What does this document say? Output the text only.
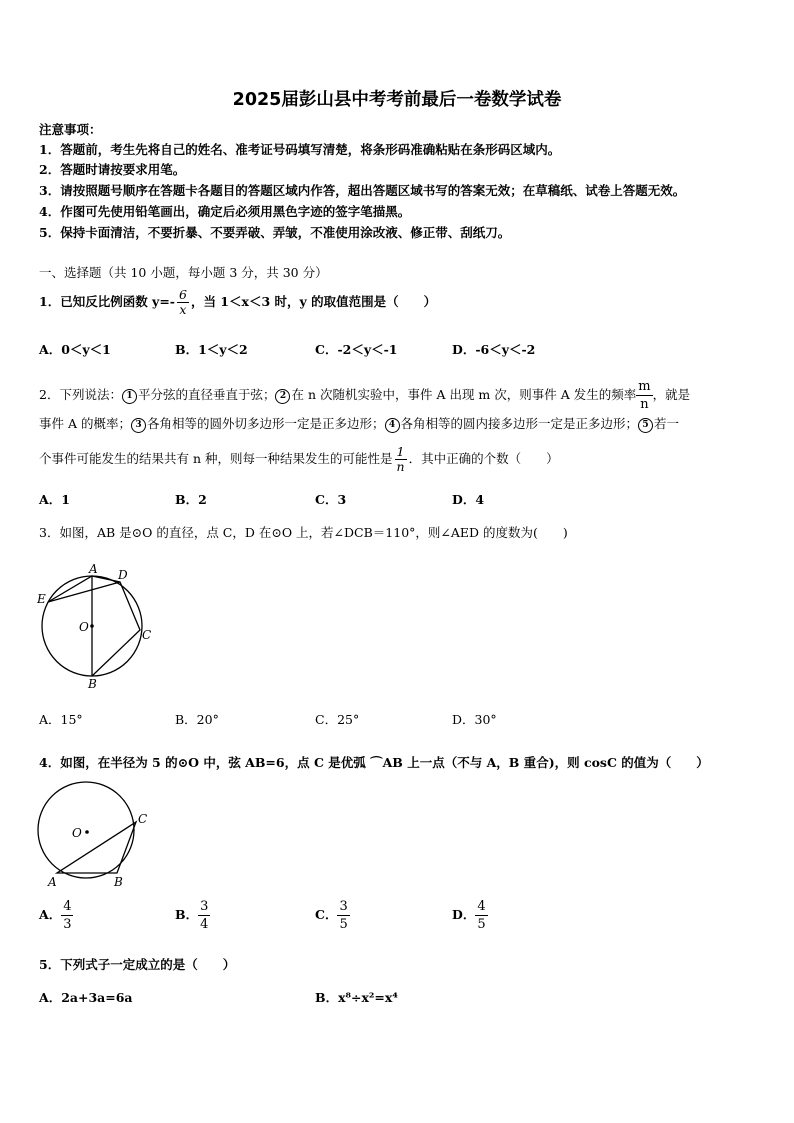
2025届彭山县中考考前最后一卷数学试卷
注意事项：
1．答题前，考生先将自己的姓名、准考证号码填写清楚，将条形码准确粘贴在条形码区域内。
2．答题时请按要求用笔。
3．请按照题号顺序在答题卡各题目的答题区域内作答，超出答题区域书写的答案无效；在草稿纸、试卷上答题无效。
4．作图可先使用铅笔画出，确定后必须用黑色字迹的签字笔描黑。
5．保持卡面清洁，不要折暴、不要弄破、弄皱，不准使用涂改液、修正带、刮纸刀。
一、选择题（共 10 小题，每小题 3 分，共 30 分）
1．已知反比例函数 $y=- \frac{6}{x}$ ，当 1＜x＜3 时，y 的取值范围是（　　）
A．0＜y＜1	B．1＜y＜2	C．-2＜y＜-1	D．-6＜y＜-2
2．下列说法： 1 平分弦的直径垂直于弦； 2 在 n 次随机实验中，事件 A 出现 m 次，则事件 A 发生的频率 $\frac{m}{n}$ ，就是
事件 A 的概率； 3 各角相等的圆外切多边形一定是正多边形； 4 各角相等的圆内接多边形一定是正多边形； 5 若一
个事件可能发生的结果共有 n 种，则每一种结果发生的可能性是 $\frac{1}{n}$ ．其中正确的个数（　　）
A．1	B．2	C．3	D．4
3．如图，AB 是⊙O 的直径，点 C，D 在⊙O 上，若∠DCB＝110°，则∠AED 的度数为(　　)
A D
E
O
C
B
A．15°	B．20°	C．25°	D．30°
4．如图，在半径为 5 的⊙O 中，弦 AB=6，点 C 是优弧 ⌒AB 上一点（不与 A，B 重合)，则 cosC 的值为（　　）
O
C
A	B
A． $\frac{4}{3}$	B． $\frac{3}{4}$	C． $\frac{3}{5}$	D． $\frac{4}{5}$
5．下列式子一定成立的是（　　）
A．2a+3a=6a	B．x⁸÷x²=x⁴
